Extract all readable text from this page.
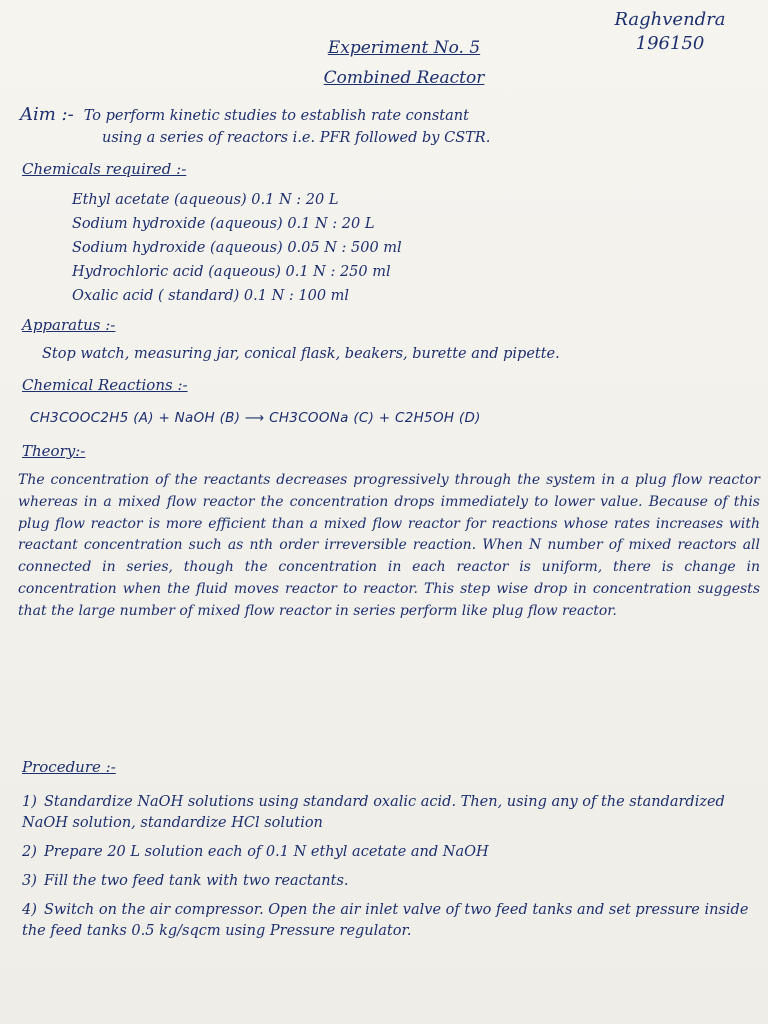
Raghvendra
196150
Experiment No. 5
Combined Reactor
Aim :- To perform kinetic studies to establish rate constant
using a series of reactors i.e. PFR followed by CSTR.
Chemicals required :-
Ethyl acetate (aqueous) 0.1 N : 20 L
Sodium hydroxide (aqueous) 0.1 N : 20 L
Sodium hydroxide (aqueous) 0.05 N : 500 ml
Hydrochloric acid (aqueous) 0.1 N : 250 ml
Oxalic acid ( standard) 0.1 N : 100 ml
Apparatus :-
Stop watch, measuring jar, conical flask, beakers, burette and pipette.
Chemical Reactions :-
CH3COOC2H5 (A) + NaOH (B) ⟶ CH3COONa (C) + C2H5OH (D)
Theory:-
The concentration of the reactants decreases progressively through the system in a plug flow reactor whereas in a mixed flow reactor the concentration drops immediately to lower value. Because of this plug flow reactor is more efficient than a mixed flow reactor for reactions whose rates increases with reactant concentration such as nth order irreversible reaction. When N number of mixed reactors all connected in series, though the concentration in each reactor is uniform, there is change in concentration when the fluid moves reactor to reactor. This step wise drop in concentration suggests that the large number of mixed flow reactor in series perform like plug flow reactor.
Procedure :-
1) Standardize NaOH solutions using standard oxalic acid. Then, using any of the standardized NaOH solution, standardize HCl solution
2) Prepare 20 L solution each of 0.1 N ethyl acetate and NaOH
3) Fill the two feed tank with two reactants.
4) Switch on the air compressor. Open the air inlet valve of two feed tanks and set pressure inside the feed tanks 0.5 kg/sqcm using Pressure regulator.
